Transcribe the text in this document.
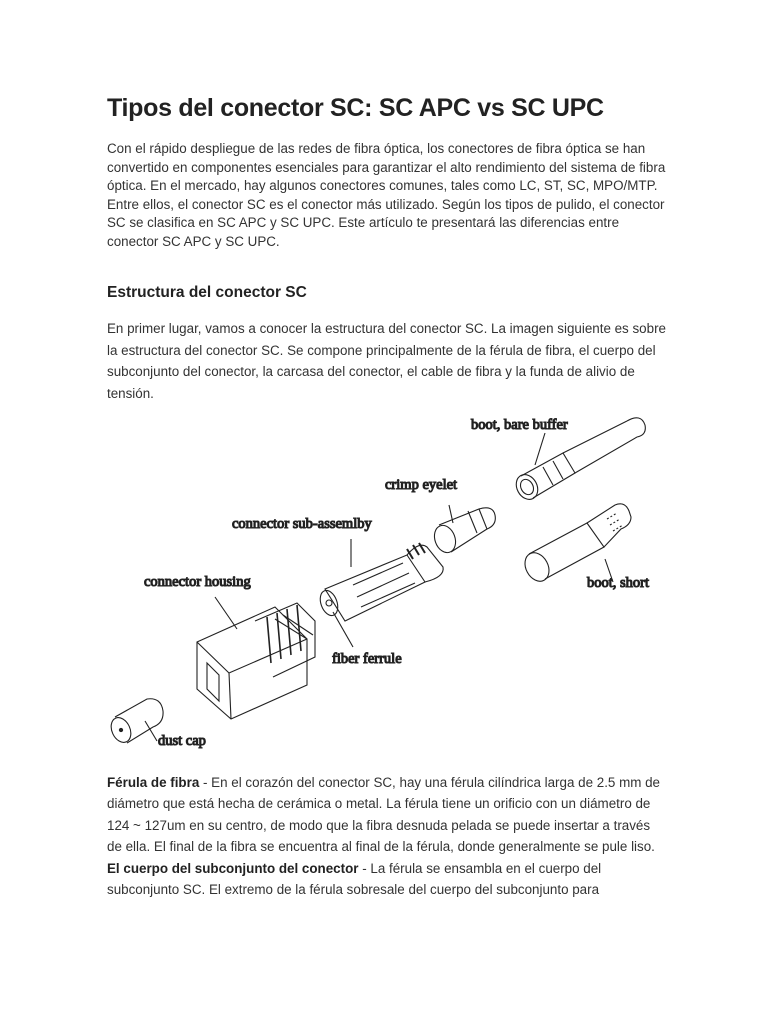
Tipos del conector SC: SC APC vs SC UPC

Con el rápido despliegue de las redes de fibra óptica, los conectores de fibra óptica se han convertido en componentes esenciales para garantizar el alto rendimiento del sistema de fibra óptica. En el mercado, hay algunos conectores comunes, tales como LC, ST, SC, MPO/MTP. Entre ellos, el conector SC es el conector más utilizado. Según los tipos de pulido, el conector SC se clasifica en SC APC y SC UPC. Este artículo te presentará las diferencias entre conector SC APC y SC UPC.

Estructura del conector SC

En primer lugar, vamos a conocer la estructura del conector SC. La imagen siguiente es sobre la estructura del conector SC. Se compone principalmente de la férula de fibra, el cuerpo del subconjunto del conector, la carcasa del conector, el cable de fibra y la funda de alivio de tensión.

boot, bare buffer
crimp eyelet
connector sub-assemlby
connector housing	boot, short
fiber ferrule
dust cap

Férula de fibra - En el corazón del conector SC, hay una férula cilíndrica larga de 2.5 mm de diámetro que está hecha de cerámica o metal. La férula tiene un orificio con un diámetro de 124 ~ 127um en su centro, de modo que la fibra desnuda pelada se puede insertar a través de ella. El final de la fibra se encuentra al final de la férula, donde generalmente se pule liso.

El cuerpo del subconjunto del conector - La férula se ensambla en el cuerpo del subconjunto SC. El extremo de la férula sobresale del cuerpo del subconjunto para
